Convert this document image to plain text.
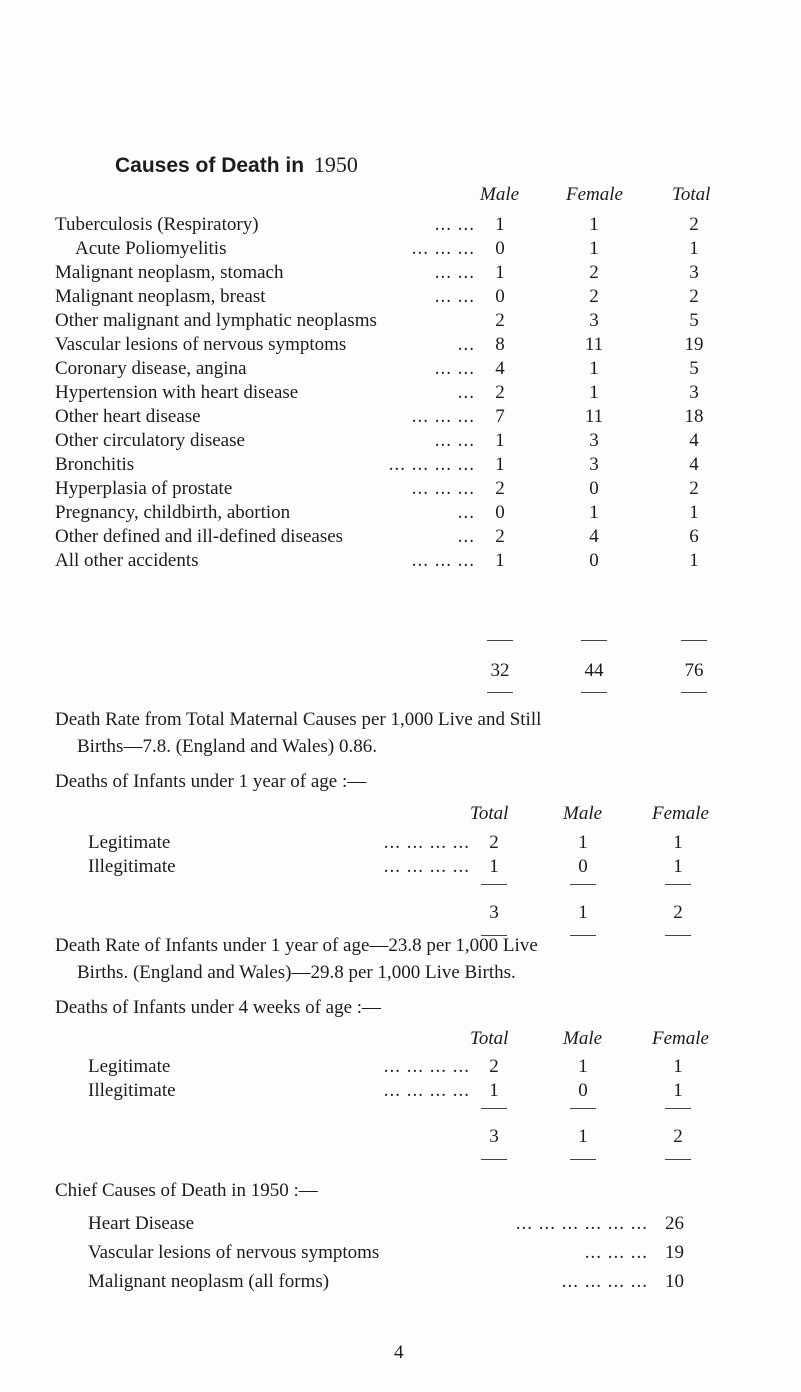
Causes of Death in 1950
Male Female	Total
Tuberculosis (Respiratory)	... ...	1	1	2
Acute Poliomyelitis	... ... ...	0	1	1
Malignant neoplasm, stomach	... ...	1	2	3
Malignant neoplasm, breast	... ...	0	2	2
Other malignant and lymphatic neoplasms	2	3	5
Vascular lesions of nervous symptoms	...	8	11	19
Coronary disease, angina	... ...	4	1	5
Hypertension with heart disease	...	2	1	3
Other heart disease	... ... ...	7	11	18
Other circulatory disease	... ...	1	3	4
Bronchitis	... ... ... ...	1	3	4
Hyperplasia of prostate	... ... ...	2	0	2
Pregnancy, childbirth, abortion	...	0	1	1
Other defined and ill-defined diseases	...	2	4	6
All other accidents	... ... ...	1	0	1
32	44	76
Death Rate from Total Maternal Causes per 1,000 Live and Still
Births—7.8. (England and Wales) 0.86.
Deaths of Infants under 1 year of age :—
Total	Male	Female
Legitimate	... ... ... ...	2	1	1
Illegitimate	... ... ... ...	1	0	1
3	1	2
Death Rate of Infants under 1 year of age—23.8 per 1,000 Live
Births. (England and Wales)—29.8 per 1,000 Live Births.
Deaths of Infants under 4 weeks of age :—
Total	Male	Female
Legitimate	... ... ... ...	2	1	1
Illegitimate	... ... ... ...	1	0	1
3	1	2
Chief Causes of Death in 1950 :—
Heart Disease	... ... ... ... ... ... 26
Vascular lesions of nervous symptoms	... ... ... 19
Malignant neoplasm (all forms)	... ... ... ... 10
4
